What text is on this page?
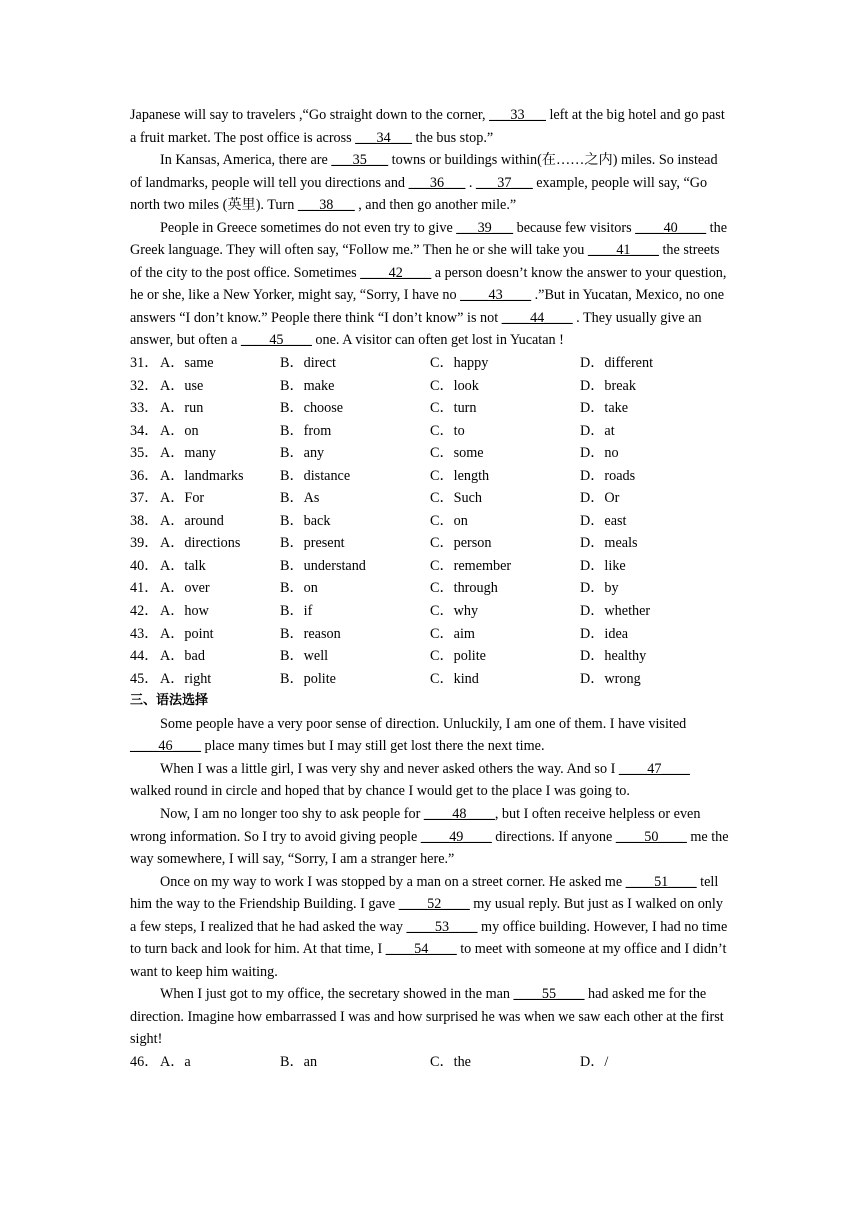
Japanese will say to travelers ,“Go straight down to the corner, ___33___ left at the big hotel and go past a fruit market. The post office is across ___34___ the bus stop.”

In Kansas, America, there are ___35___ towns or buildings within(在……之内) miles. So instead of landmarks, people will tell you directions and ___36___ . ___37___ example, people will say, “Go north two miles (英里). Turn ___38___ , and then go another mile.”

People in Greece sometimes do not even try to give ___39___ because few visitors ____40____ the Greek language. They will often say, “Follow me.” Then he or she will take you ____41____ the streets of the city to the post office. Sometimes ____42____ a person doesn’t know the answer to your question, he or she, like a New Yorker, might say, “Sorry, I have no ____43____ .”But in Yucatan, Mexico, no one answers “I don’t know.” People there think “I don’t know” is not ____44____ . They usually give an answer, but often a ____45____ one. A visitor can often get lost in Yucatan !

31． A．same	B．direct	C．happy	D．different
32． A．use	B．make	C．look	D．break
33． A．run	B．choose	C．turn	D．take
34． A．on	B．from	C．to	D．at
35． A．many	B．any	C．some	D．no
36． A．landmarks	B．distance	C．length	D．roads
37． A．For	B．As	C．Such	D．Or
38． A．around	B．back	C．on	D．east
39． A．directions	B．present	C．person	D．meals
40． A．talk	B．understand	C．remember	D．like
41． A．over	B．on	C．through	D．by
42． A．how	B．if	C．why	D．whether
43． A．point	B．reason	C．aim	D．idea
44． A．bad	B．well	C．polite	D．healthy
45． A．right	B．polite	C．kind	D．wrong
三、语法选择

Some people have a very poor sense of direction. Unluckily, I am one of them. I have visited ____46____ place many times but I may still get lost there the next time.

When I was a little girl, I was very shy and never asked others the way. And so I ____47____ walked round in circle and hoped that by chance I would get to the place I was going to.

Now, I am no longer too shy to ask people for ____48____, but I often receive helpless or even wrong information. So I try to avoid giving people ____49____ directions. If anyone ____50____ me the way somewhere, I will say, “Sorry, I am a stranger here.”

Once on my way to work I was stopped by a man on a street corner. He asked me ____51____ tell him the way to the Friendship Building. I gave ____52____ my usual reply. But just as I walked on only a few steps, I realized that he had asked the way ____53____ my office building. However, I had no time to turn back and look for him. At that time, I ____54____ to meet with someone at my office and I didn’t want to keep him waiting.

When I just got to my office, the secretary showed in the man ____55____ had asked me for the direction. Imagine how embarrassed I was and how surprised he was when we saw each other at the first sight!

46． A．a	B．an	C．the	D．/
